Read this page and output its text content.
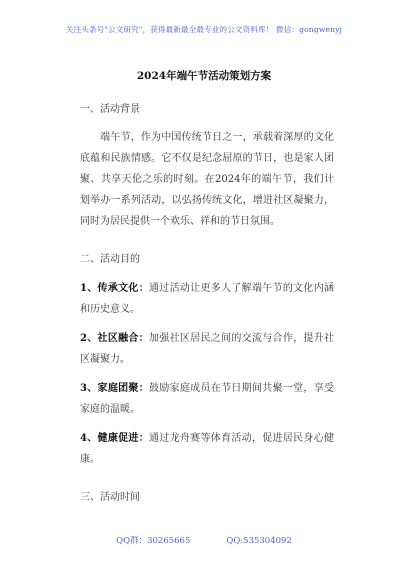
关注头条号"公文研究"，获得最新最全最专业的公文资料库！ 微信：gongwenyj
2024年端午节活动策划方案
一、活动背景
端午节，作为中国传统节日之一，承载着深厚的文化底蕴和民族情感。它不仅是纪念屈原的节日，也是家人团聚、共享天伦之乐的时刻。在2024年的端午节，我们计划举办一系列活动，以弘扬传统文化，增进社区凝聚力，同时为居民提供一个欢乐、祥和的节日氛围。
二、活动目的
1、传承文化：通过活动让更多人了解端午节的文化内涵和历史意义。
2、社区融合：加强社区居民之间的交流与合作，提升社区凝聚力。
3、家庭团聚：鼓励家庭成员在节日期间共聚一堂，享受家庭的温暖。
4、健康促进：通过龙舟赛等体育活动，促进居民身心健康。
三、活动时间
QQ群：30265665	QQ:535304092
